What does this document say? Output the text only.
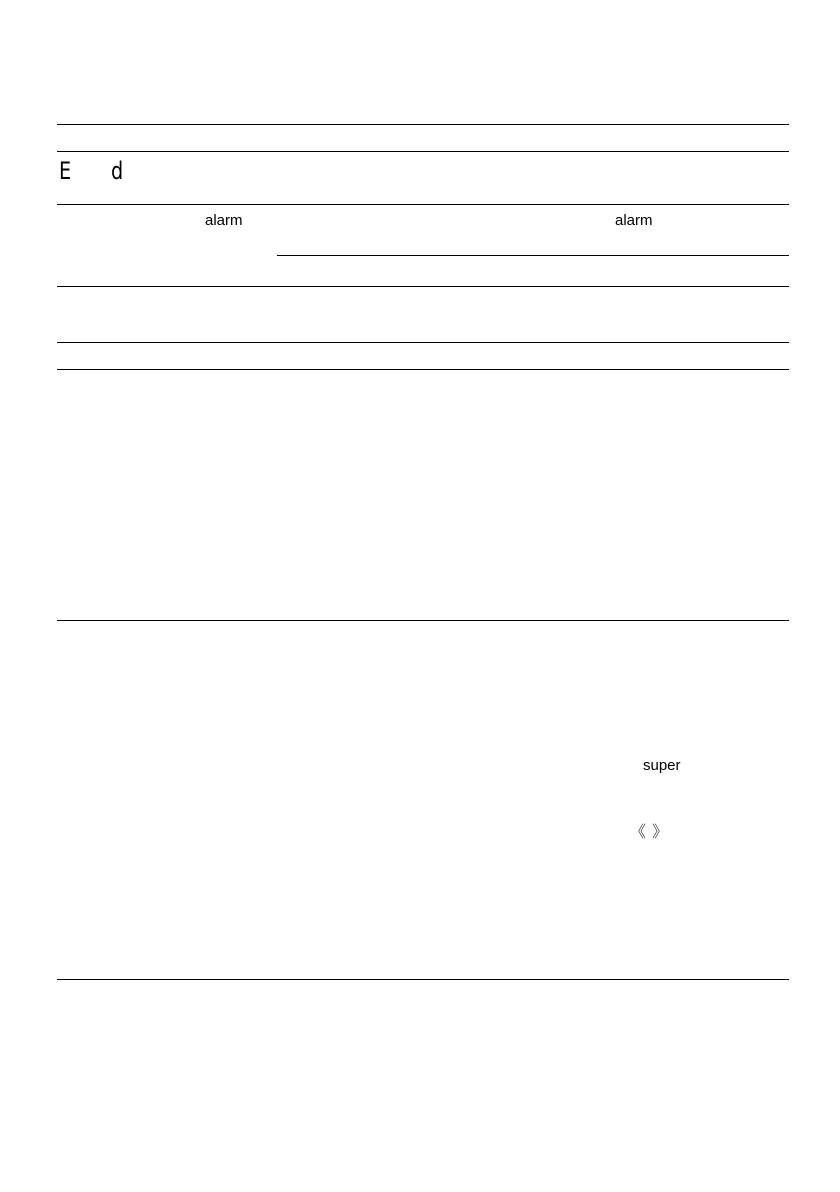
E d
alarm	alarm
super
《 》
